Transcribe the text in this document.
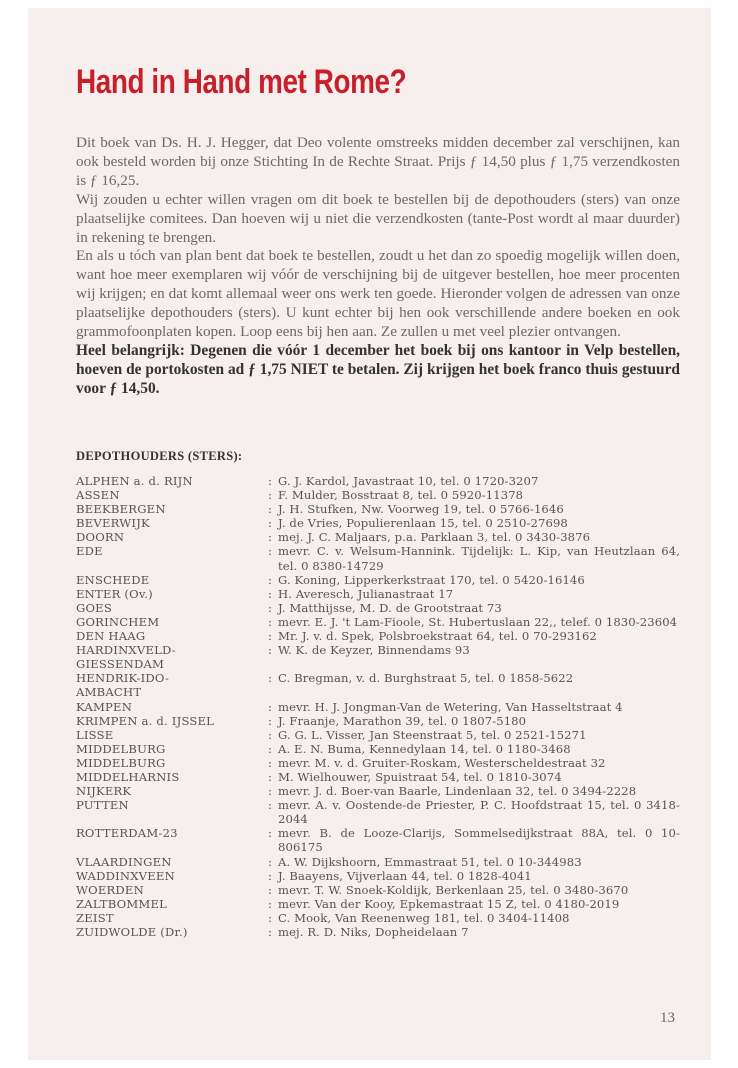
Hand in Hand met Rome?

Dit boek van Ds. H. J. Hegger, dat Deo volente omstreeks midden december zal verschijnen, kan ook besteld worden bij onze Stichting In de Rechte Straat. Prijs ƒ 14,50 plus ƒ 1,75 verzendkosten is ƒ 16,25.

Wij zouden u echter willen vragen om dit boek te bestellen bij de depothouders (sters) van onze plaatselijke comitees. Dan hoeven wij u niet die verzendkosten (tante-Post wordt al maar duurder) in rekening te brengen.

En als u tóch van plan bent dat boek te bestellen, zoudt u het dan zo spoedig mogelijk willen doen, want hoe meer exemplaren wij vóór de verschijning bij de uitgever bestellen, hoe meer procenten wij krijgen; en dat komt allemaal weer ons werk ten goede. Hieronder volgen de adressen van onze plaatselijke depothouders (sters). U kunt echter bij hen ook verschillende andere boeken en ook grammofoonplaten kopen. Loop eens bij hen aan. Ze zullen u met veel plezier ontvangen.

Heel belangrijk: Degenen die vóór 1 december het boek bij ons kantoor in Velp bestellen, hoeven de portokosten ad ƒ 1,75 NIET te betalen. Zij krijgen het boek franco thuis gestuurd voor ƒ 14,50.

DEPOTHOUDERS (STERS):
ALPHEN a. d. RIJN	:	G. J. Kardol, Javastraat 10, tel. 0 1720-3207
ASSEN	:	F. Mulder, Bosstraat 8, tel. 0 5920-11378
BEEKBERGEN	:	J. H. Stufken, Nw. Voorweg 19, tel. 0 5766-1646
BEVERWIJK	:	J. de Vries, Populierenlaan 15, tel. 0 2510-27698
DOORN	:	mej. J. C. Maljaars, p.a. Parklaan 3, tel. 0 3430-3876
EDE	:	mevr. C. v. Welsum-Hannink. Tijdelijk: L. Kip, van Heutzlaan 64, tel. 0 8380-14729
ENSCHEDE	:	G. Koning, Lipperkerkstraat 170, tel. 0 5420-16146
ENTER (Ov.)	:	H. Averesch, Julianastraat 17
GOES	:	J. Matthijsse, M. D. de Grootstraat 73
GORINCHEM	:	mevr. E. J. 't Lam-Fioole, St. Hubertuslaan 22,, telef. 0 1830-23604
DEN HAAG	:	Mr. J. v. d. Spek, Polsbroekstraat 64, tel. 0 70-293162
HARDINXVELD-
GIESSENDAM	:	W. K. de Keyzer, Binnendams 93
HENDRIK-IDO-
AMBACHT	:	C. Bregman, v. d. Burghstraat 5, tel. 0 1858-5622
KAMPEN	:	mevr. H. J. Jongman-Van de Wetering, Van Hasseltstraat 4
KRIMPEN a. d. IJSSEL	:	J. Fraanje, Marathon 39, tel. 0 1807-5180
LISSE	:	G. G. L. Visser, Jan Steenstraat 5, tel. 0 2521-15271
MIDDELBURG	:	A. E. N. Buma, Kennedylaan 14, tel. 0 1180-3468
MIDDELBURG	:	mevr. M. v. d. Gruiter-Roskam, Westerscheldestraat 32
MIDDELHARNIS	:	M. Wielhouwer, Spuistraat 54, tel. 0 1810-3074
NIJKERK	:	mevr. J. d. Boer-van Baarle, Lindenlaan 32, tel. 0 3494-2228
PUTTEN	:	mevr. A. v. Oostende-de Priester, P. C. Hoofdstraat 15, tel. 0 3418-2044
ROTTERDAM-23	:	mevr. B. de Looze-Clarijs, Sommelsedijkstraat 88A, tel. 0 10-806175
VLAARDINGEN	:	A. W. Dijkshoorn, Emmastraat 51, tel. 0 10-344983
WADDINXVEEN	:	J. Baayens, Vijverlaan 44, tel. 0 1828-4041
WOERDEN	:	mevr. T. W. Snoek-Koldijk, Berkenlaan 25, tel. 0 3480-3670
ZALTBOMMEL	:	mevr. Van der Kooy, Epkemastraat 15 Z, tel. 0 4180-2019
ZEIST	:	C. Mook, Van Reenenweg 181, tel. 0 3404-11408
ZUIDWOLDE (Dr.)	:	mej. R. D. Niks, Dopheidelaan 7
13
